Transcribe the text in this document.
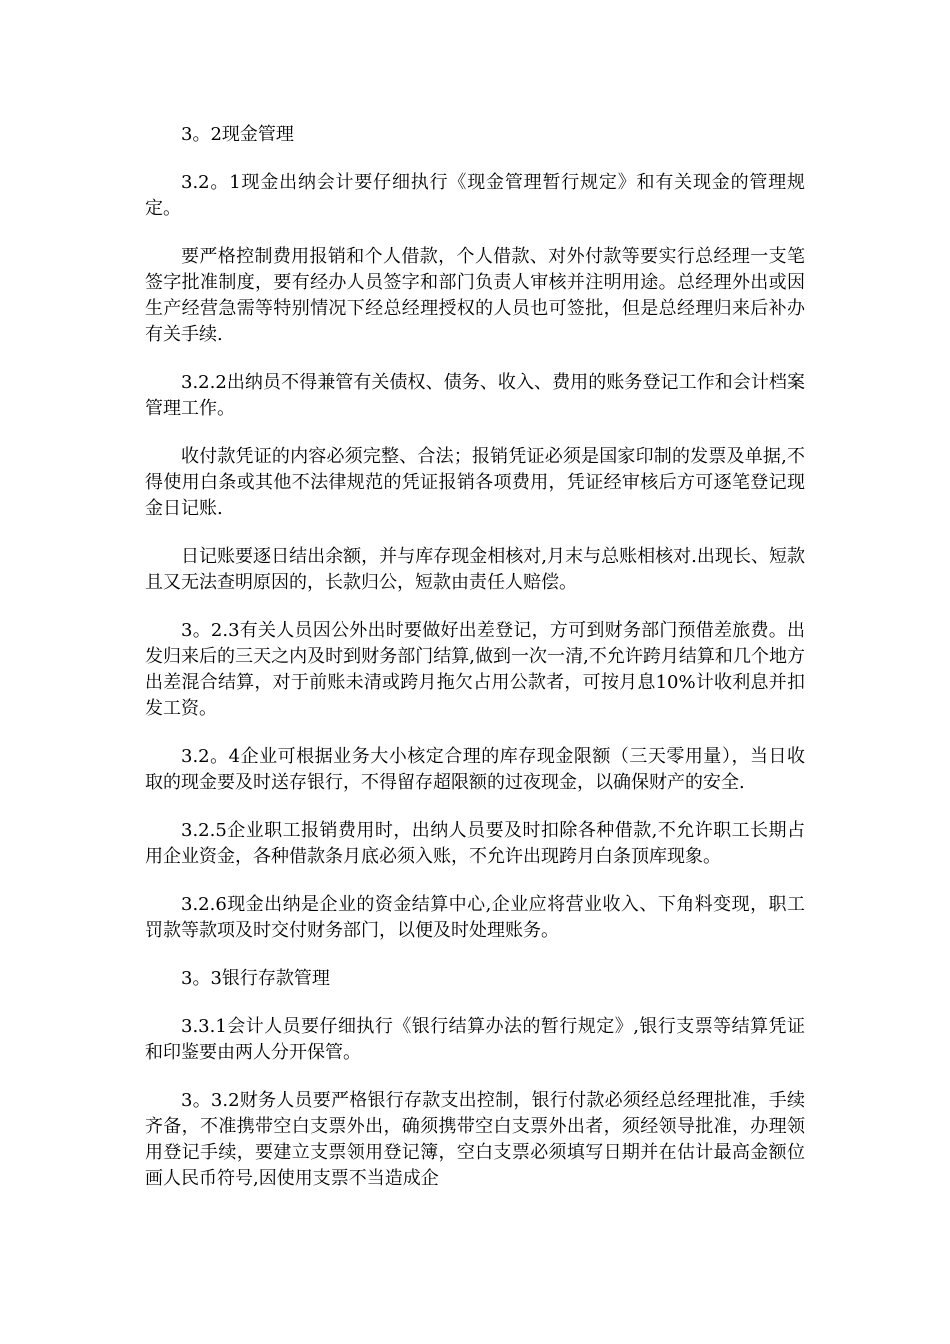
3。2现金管理

3.2。1现金出纳会计要仔细执行《现金管理暂行规定》和有关现金的管理规定。

要严格控制费用报销和个人借款，个人借款、对外付款等要实行总经理一支笔签字批准制度，要有经办人员签字和部门负责人审核并注明用途。总经理外出或因生产经营急需等特别情况下经总经理授权的人员也可签批，但是总经理归来后补办有关手续.

3.2.2出纳员不得兼管有关债权、债务、收入、费用的账务登记工作和会计档案管理工作。

收付款凭证的内容必须完整、合法；报销凭证必须是国家印制的发票及单据,不得使用白条或其他不法律规范的凭证报销各项费用，凭证经审核后方可逐笔登记现金日记账.

日记账要逐日结出余额，并与库存现金相核对,月末与总账相核对.出现长、短款且又无法查明原因的，长款归公，短款由责任人赔偿。

3。2.3有关人员因公外出时要做好出差登记，方可到财务部门预借差旅费。出发归来后的三天之内及时到财务部门结算,做到一次一清,不允许跨月结算和几个地方出差混合结算，对于前账未清或跨月拖欠占用公款者，可按月息10%计收利息并扣发工资。

3.2。4企业可根据业务大小核定合理的库存现金限额（三天零用量），当日收取的现金要及时送存银行，不得留存超限额的过夜现金，以确保财产的安全.

3.2.5企业职工报销费用时，出纳人员要及时扣除各种借款,不允许职工长期占用企业资金，各种借款条月底必须入账，不允许出现跨月白条顶库现象。

3.2.6现金出纳是企业的资金结算中心,企业应将营业收入、下角料变现，职工罚款等款项及时交付财务部门，以便及时处理账务。

3。3银行存款管理

3.3.1会计人员要仔细执行《银行结算办法的暂行规定》,银行支票等结算凭证和印鉴要由两人分开保管。

3。3.2财务人员要严格银行存款支出控制，银行付款必须经总经理批准，手续齐备，不准携带空白支票外出，确须携带空白支票外出者，须经领导批准，办理领用登记手续，要建立支票领用登记簿，空白支票必须填写日期并在估计最高金额位画人民币符号,因使用支票不当造成企
